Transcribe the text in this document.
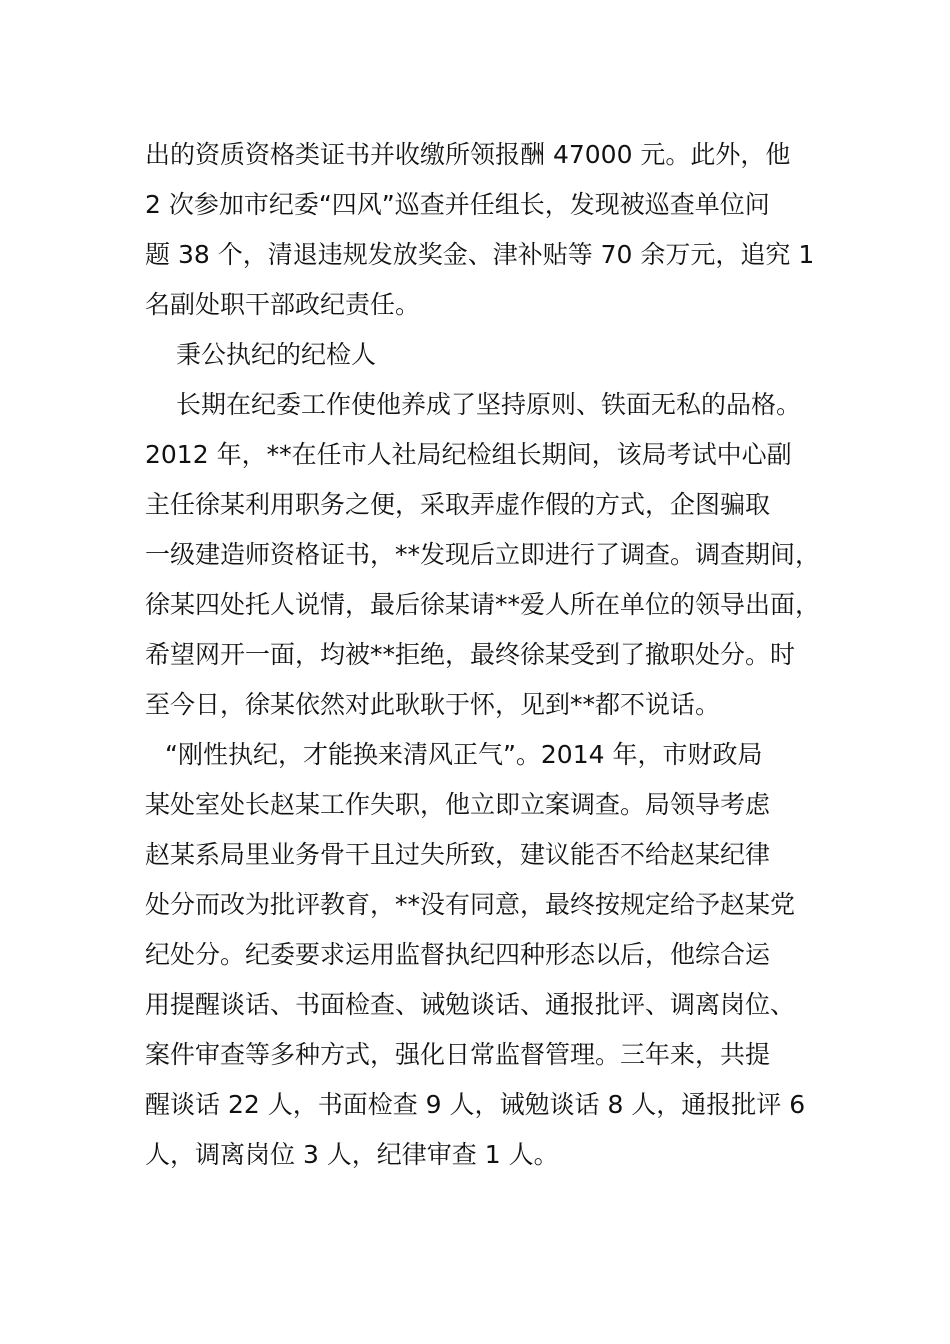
出的资质资格类证书并收缴所领报酬 47000 元。此外，他
2 次参加市纪委“四风”巡查并任组长，发现被巡查单位问
题 38 个，清退违规发放奖金、津补贴等 70 余万元，追究 1
名副处职干部政纪责任。
秉公执纪的纪检人
长期在纪委工作使他养成了坚持原则、铁面无私的品格。
2012 年，**在任市人社局纪检组长期间，该局考试中心副
主任徐某利用职务之便，采取弄虚作假的方式，企图骗取
一级建造师资格证书，**发现后立即进行了调查。调查期间，
徐某四处托人说情，最后徐某请**爱人所在单位的领导出面，
希望网开一面，均被**拒绝，最终徐某受到了撤职处分。时
至今日，徐某依然对此耿耿于怀，见到**都不说话。
“刚性执纪，才能换来清风正气”。2014 年，市财政局
某处室处长赵某工作失职，他立即立案调查。局领导考虑
赵某系局里业务骨干且过失所致，建议能否不给赵某纪律
处分而改为批评教育，**没有同意，最终按规定给予赵某党
纪处分。纪委要求运用监督执纪四种形态以后，他综合运
用提醒谈话、书面检查、诫勉谈话、通报批评、调离岗位、
案件审查等多种方式，强化日常监督管理。三年来，共提
醒谈话 22 人，书面检查 9 人，诫勉谈话 8 人，通报批评 6
人，调离岗位 3 人，纪律审查 1 人。
